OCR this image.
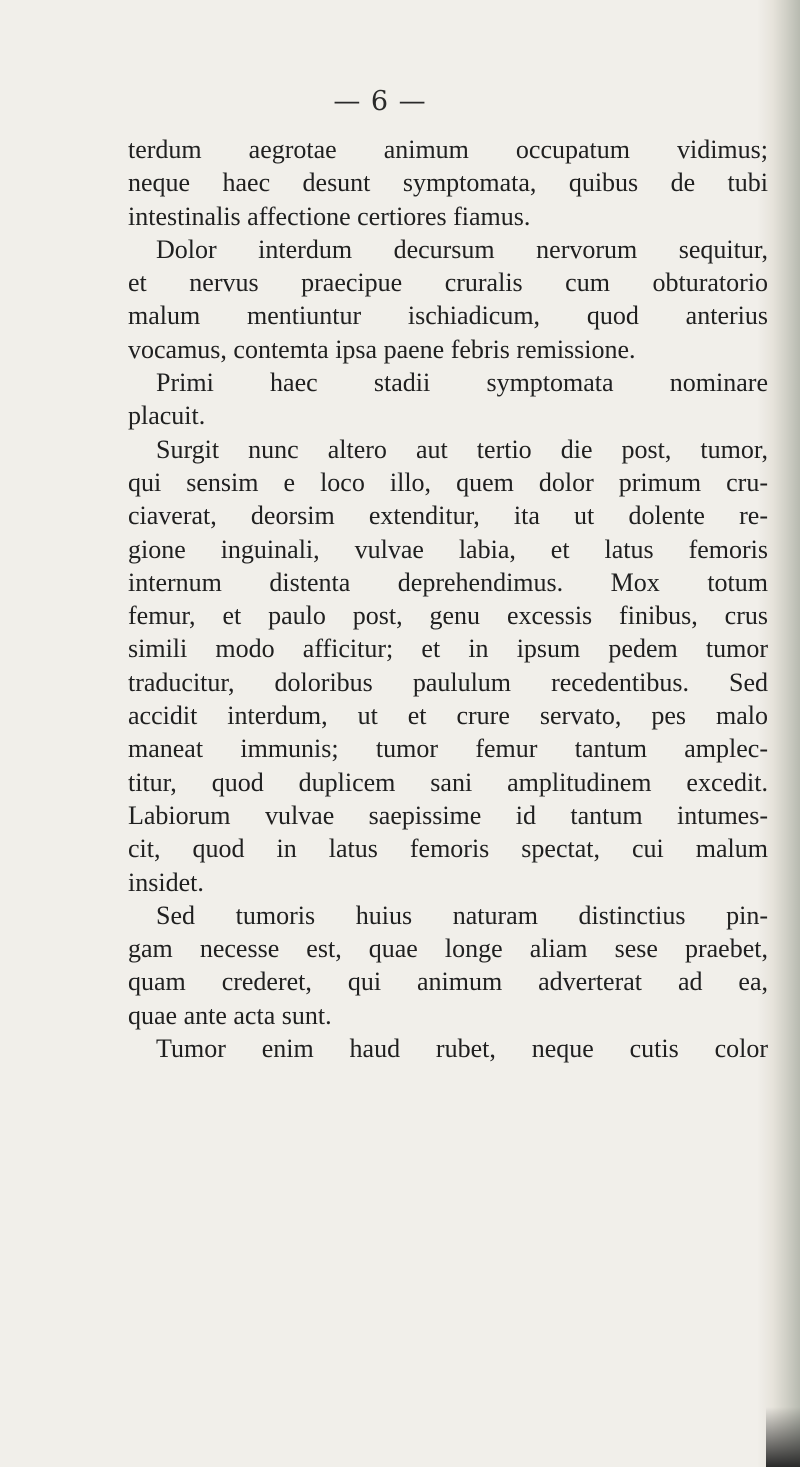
— 6 —
terdum aegrotae animum occupatum vidimus;
neque haec desunt symptomata, quibus de tubi
intestinalis affectione certiores fiamus.
Dolor interdum decursum nervorum sequitur,
et nervus praecipue cruralis cum obturatorio
malum mentiuntur ischiadicum, quod anterius
vocamus, contemta ipsa paene febris remissione.
Primi haec stadii symptomata nominare
placuit.
Surgit nunc altero aut tertio die post, tumor,
qui sensim e loco illo, quem dolor primum cru-
ciaverat, deorsim extenditur, ita ut dolente re-
gione inguinali, vulvae labia, et latus femoris
internum distenta deprehendimus. Mox totum
femur, et paulo post, genu excessis finibus, crus
simili modo afficitur; et in ipsum pedem tumor
traducitur, doloribus paululum recedentibus. Sed
accidit interdum, ut et crure servato, pes malo
maneat immunis; tumor femur tantum amplec-
titur, quod duplicem sani amplitudinem excedit.
Labiorum vulvae saepissime id tantum intumes-
cit, quod in latus femoris spectat, cui malum
insidet.
Sed tumoris huius naturam distinctius pin-
gam necesse est, quae longe aliam sese praebet,
quam crederet, qui animum adverterat ad ea,
quae ante acta sunt.
Tumor enim haud rubet, neque cutis color
